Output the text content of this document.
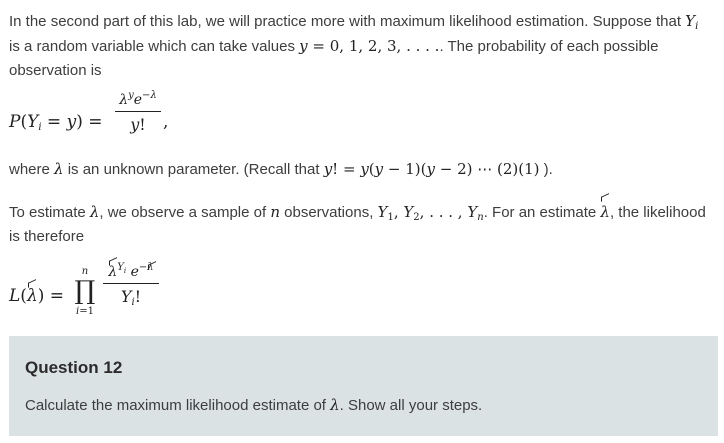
In the second part of this lab, we will practice more with maximum likelihood estimation. Suppose that $Y_i$ is a random variable which can take values y = 0, 1, 2, 3, . . . .. The probability of each possible observation is

$P(Y_i = y)$ =
$\lambda^ye^{-\lambda}$
y!	,

where λ is an unknown parameter. (Recall that y! = y(y − 1)(y − 2) ⋯ (2)(1) ).

To estimate λ, we observe a sample of n observations, $Y_1$, $Y_2$, . . . , $Y_n$. For an estimate λ, the likelihood is therefore

L(λ) =
n
∏
i=1
$\lambda^{Y_i}$ $e^{-\lambda}$
$Y_i$!
Question 12
Calculate the maximum likelihood estimate of λ. Show all your steps.
